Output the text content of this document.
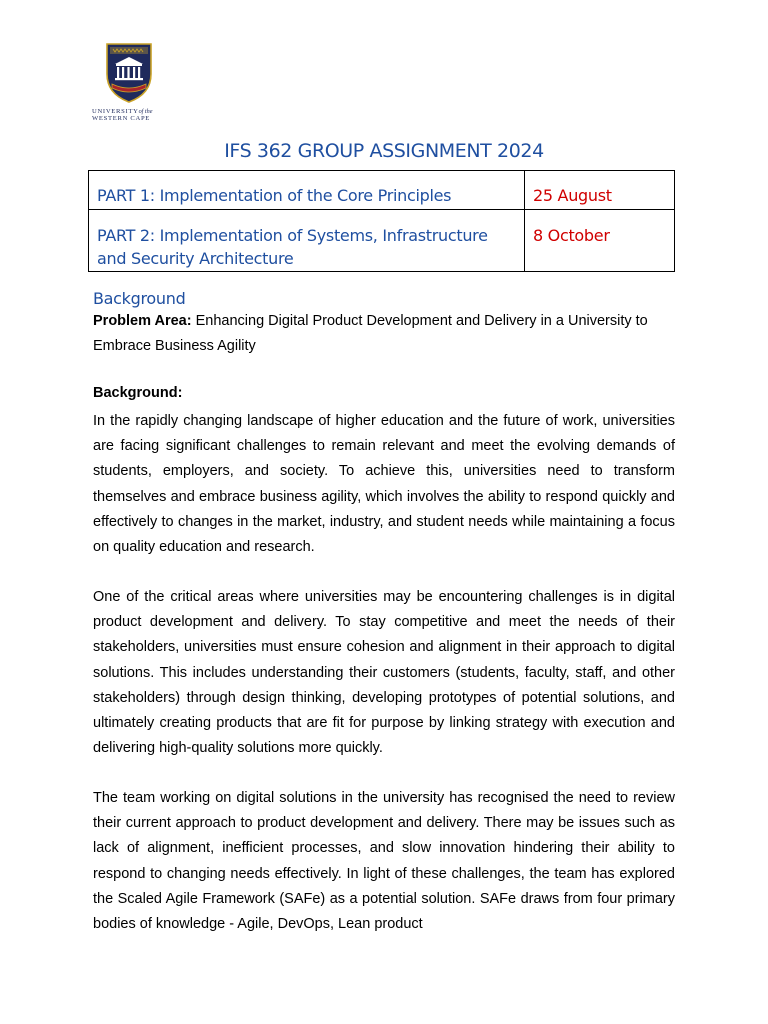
UNIVERSITYof the
WESTERN CAPE
IFS 362 GROUP ASSIGNMENT 2024
PART 1: Implementation of the Core Principles	25 August
PART 2: Implementation of Systems, Infrastructure and Security Architecture	8 October
Background

Problem Area: Enhancing Digital Product Development and Delivery in a University to Embrace Business Agility

Background:

In the rapidly changing landscape of higher education and the future of work, universities are facing significant challenges to remain relevant and meet the evolving demands of students, employers, and society. To achieve this, universities need to transform themselves and embrace business agility, which involves the ability to respond quickly and effectively to changes in the market, industry, and student needs while maintaining a focus on quality education and research.

One of the critical areas where universities may be encountering challenges is in digital product development and delivery. To stay competitive and meet the needs of their stakeholders, universities must ensure cohesion and alignment in their approach to digital solutions. This includes understanding their customers (students, faculty, staff, and other stakeholders) through design thinking, developing prototypes of potential solutions, and ultimately creating products that are fit for purpose by linking strategy with execution and delivering high-quality solutions more quickly.

The team working on digital solutions in the university has recognised the need to review their current approach to product development and delivery. There may be issues such as lack of alignment, inefficient processes, and slow innovation hindering their ability to respond to changing needs effectively. In light of these challenges, the team has explored the Scaled Agile Framework (SAFe) as a potential solution. SAFe draws from four primary bodies of knowledge - Agile, DevOps, Lean product
